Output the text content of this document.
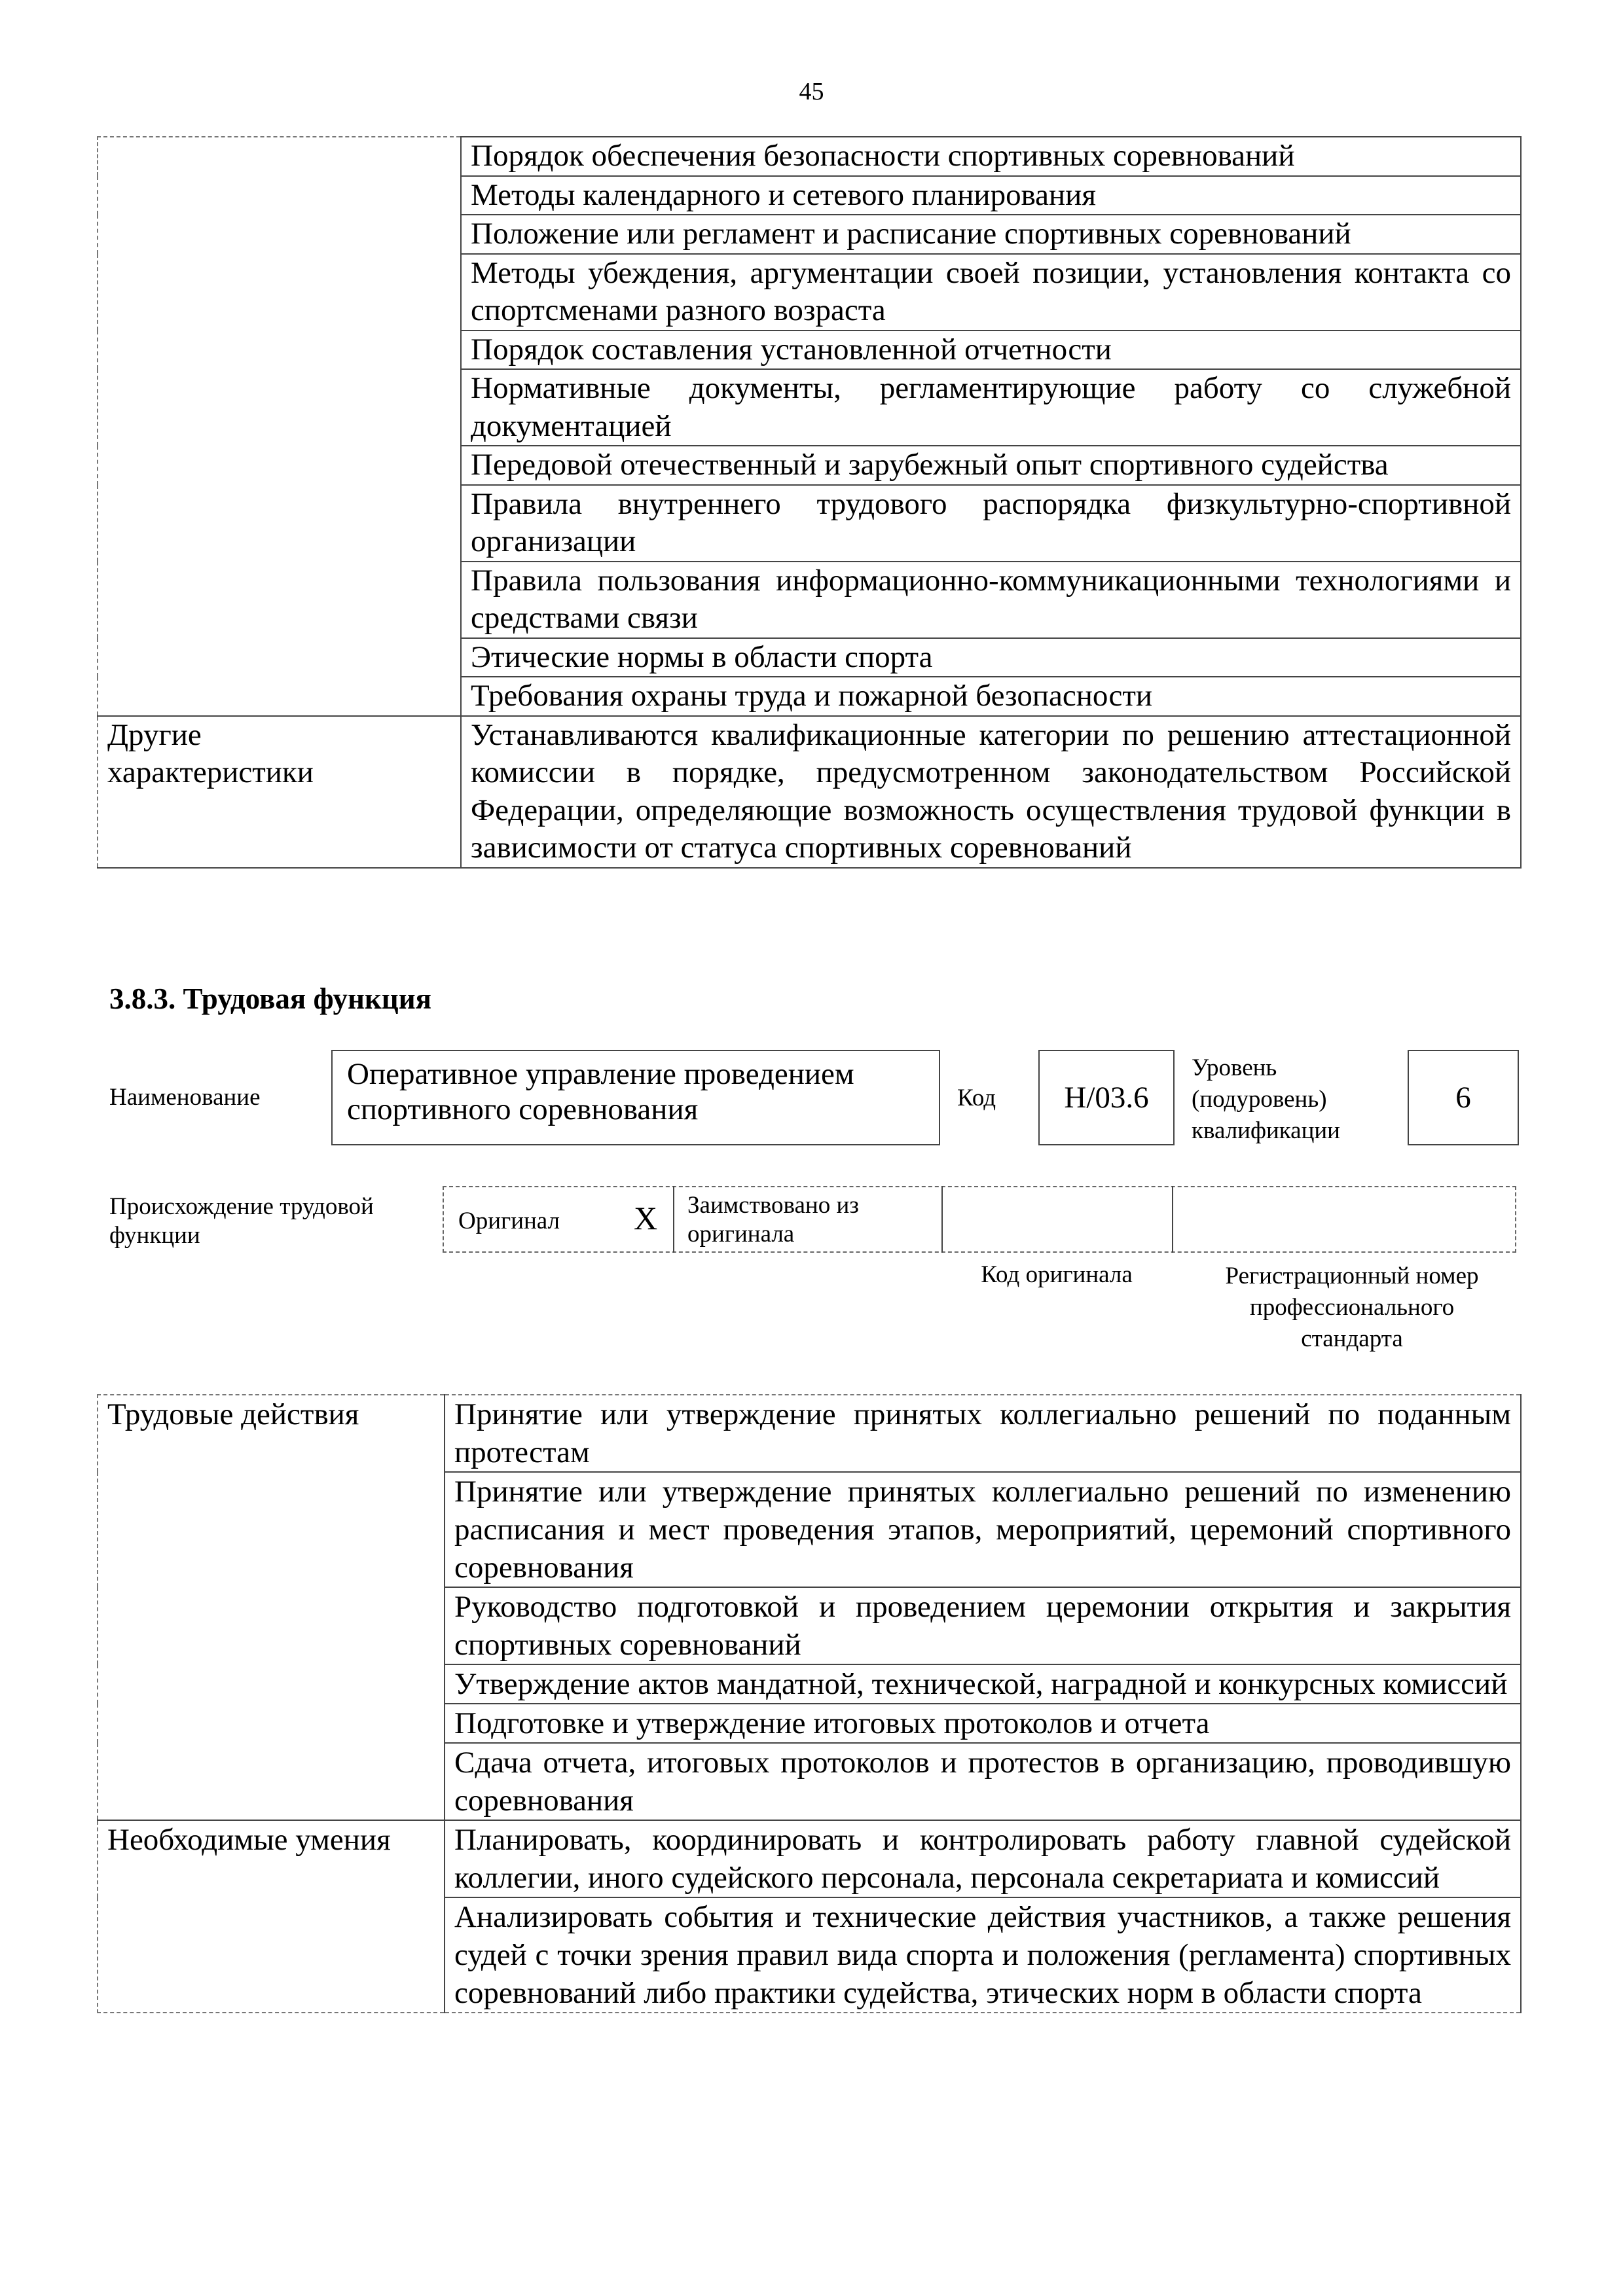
45
	Порядок обеспечения безопасности спортивных соревнований
	Методы календарного и сетевого планирования
	Положение или регламент и расписание спортивных соревнований
	Методы убеждения, аргументации своей позиции, установления контакта со спортсменами разного возраста
	Порядок составления установленной отчетности
	Нормативные документы, регламентирующие работу со служебной документацией
	Передовой отечественный и зарубежный опыт спортивного судейства
	Правила внутреннего трудового распорядка физкультурно-спортивной организации
	Правила пользования информационно-коммуникационными технологиями и средствами связи
	Этические нормы в области спорта
	Требования охраны труда и пожарной безопасности
Другие характеристики	Устанавливаются квалификационные категории по решению аттестационной комиссии в порядке, предусмотренном законодательством Российской Федерации, определяющие возможность осуществления трудовой функции в зависимости от статуса спортивных соревнований
3.8.3. Трудовая функция
Наименование
Оперативное управление проведением спортивного соревнования	Код	Н/03.6
Уровень (подуровень) квалификации
6
Происхождение трудовой функции
Оригинал X Заимствовано из оригинала
Код оригинала	Регистрационный номер профессионального стандарта
Трудовые действия	Принятие или утверждение принятых коллегиально решений по поданным протестам
	Принятие или утверждение принятых коллегиально решений по изменению расписания и мест проведения этапов, мероприятий, церемоний спортивного соревнования
	Руководство подготовкой и проведением церемонии открытия и закрытия спортивных соревнований
	Утверждение актов мандатной, технической, наградной и конкурсных комиссий
	Подготовке и утверждение итоговых протоколов и отчета
	Сдача отчета, итоговых протоколов и протестов в организацию, проводившую соревнования
Необходимые умения	Планировать, координировать и контролировать работу главной судейской коллегии, иного судейского персонала, персонала секретариата и комиссий
	Анализировать события и технические действия участников, а также решения судей с точки зрения правил вида спорта и положения (регламента) спортивных соревнований либо практики судейства, этических норм в области спорта
